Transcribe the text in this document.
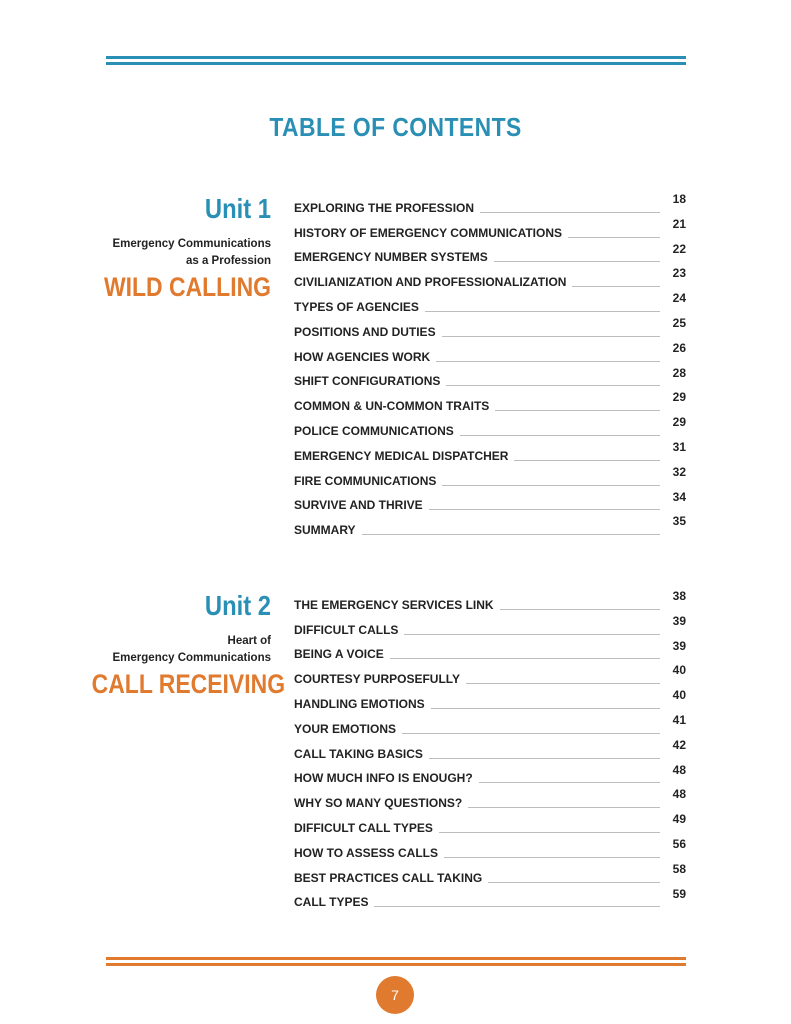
TABLE OF CONTENTS
Unit 1
Emergency Communications
as a Profession
WILD CALLING
EXPLORING THE PROFESSION
18
HISTORY OF EMERGENCY COMMUNICATIONS
21
EMERGENCY NUMBER SYSTEMS
22
CIVILIANIZATION AND PROFESSIONALIZATION
23
TYPES OF AGENCIES
24
POSITIONS AND DUTIES
25
HOW AGENCIES WORK
26
SHIFT CONFIGURATIONS
28
COMMON & UN-COMMON TRAITS
29
POLICE COMMUNICATIONS
29
EMERGENCY MEDICAL DISPATCHER
31
FIRE COMMUNICATIONS
32
SURVIVE AND THRIVE
34
SUMMARY
35
Unit 2
Heart of
Emergency Communications
CALL RECEIVING
THE EMERGENCY SERVICES LINK
38
DIFFICULT CALLS
39
BEING A VOICE
39
COURTESY PURPOSEFULLY
40
HANDLING EMOTIONS
40
YOUR EMOTIONS
41
CALL TAKING BASICS
42
HOW MUCH INFO IS ENOUGH?
48
WHY SO MANY QUESTIONS?
48
DIFFICULT CALL TYPES
49
HOW TO ASSESS CALLS
56
BEST PRACTICES CALL TAKING
58
CALL TYPES
59
7
